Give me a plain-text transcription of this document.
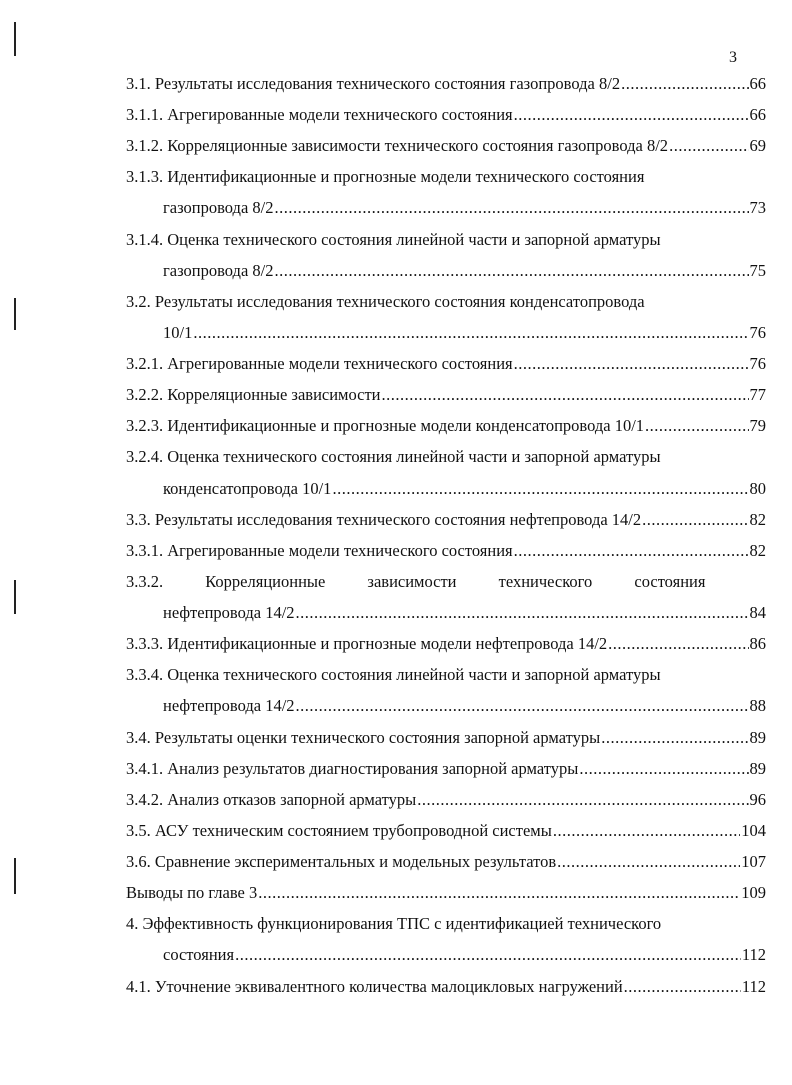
3
3.1. Результаты исследования технического состояния газопровода 8/2 .....	66
3.1.1. Агрегированные модели технического состояния .....	66
3.1.2. Корреляционные зависимости технического состояния газопровода 8/2 .....	69
3.1.3. Идентификационные и прогнозные модели технического состояния
газопровода 8/2 .....	73
3.1.4. Оценка технического состояния линейной части и запорной арматуры
газопровода 8/2 .....	75
3.2. Результаты исследования технического состояния конденсатопровода
10/1 .....	76
3.2.1. Агрегированные модели технического состояния .....	76
3.2.2. Корреляционные зависимости .....	77
3.2.3. Идентификационные и прогнозные модели конденсатопровода 10/1 .....	79
3.2.4. Оценка технического состояния линейной части и запорной арматуры
конденсатопровода 10/1 .....	80
3.3. Результаты исследования технического состояния нефтепровода 14/2 .....	82
3.3.1. Агрегированные модели технического состояния .....	82
3.3.2. Корреляционные зависимости технического состояния
нефтепровода 14/2 .....	84
3.3.3. Идентификационные и прогнозные модели нефтепровода 14/2 .....	86
3.3.4. Оценка технического состояния линейной части и запорной арматуры
нефтепровода 14/2 .....	88
3.4. Результаты оценки технического состояния запорной арматуры .....	89
3.4.1. Анализ результатов диагностирования запорной арматуры .....	89
3.4.2. Анализ отказов запорной арматуры .....	96
3.5. АСУ техническим состоянием трубопроводной системы .....	104
3.6. Сравнение экспериментальных и модельных результатов .....	107
Выводы по главе 3 .....	109
4. Эффективность функционирования ТПС с идентификацией технического
состояния .....	112
4.1. Уточнение эквивалентного количества малоцикловых нагружений .....	112
